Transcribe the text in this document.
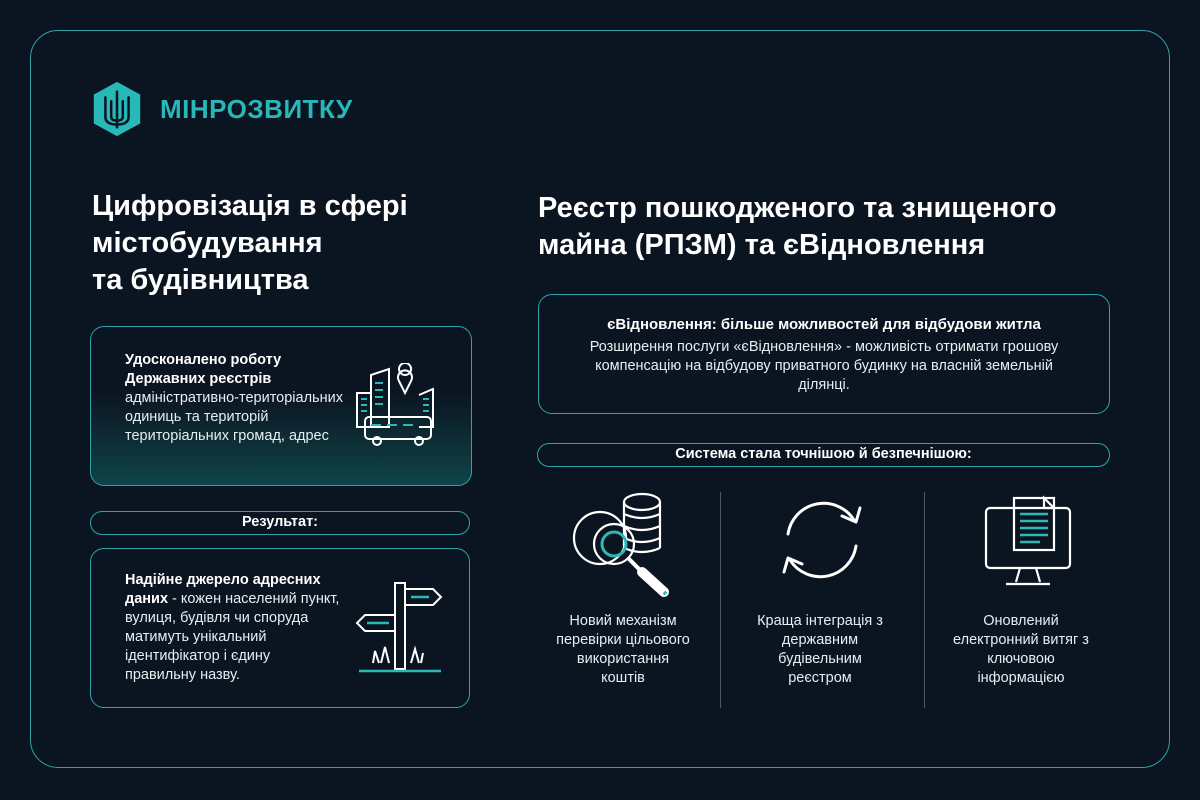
МІНРОЗВИТКУ
Цифровізація в сфері
містобудування
та будівництва
Реєстр пошкодженого та знищеного
майна (РПЗМ) та єВідновлення
Удосконалено роботу Державних реєстрів адміністративно-територіальних одиниць та територій територіальних громад, адрес
Результат:
Надійне джерело адресних даних - кожен населений пункт, вулиця, будівля чи споруда матимуть унікальний ідентифікатор і єдину правильну назву.
єВідновлення: більше можливостей для відбудови житла
Розширення послуги «єВідновлення» - можливість отримати грошову компенсацію на відбудову приватного будинку на власній земельній ділянці.
Система стала точнішою й безпечнішою:
Новий механізм перевірки цільового використання коштів
Краща інтеграція з державним будівельним реєстром
Оновлений електронний витяг з ключовою інформацією
